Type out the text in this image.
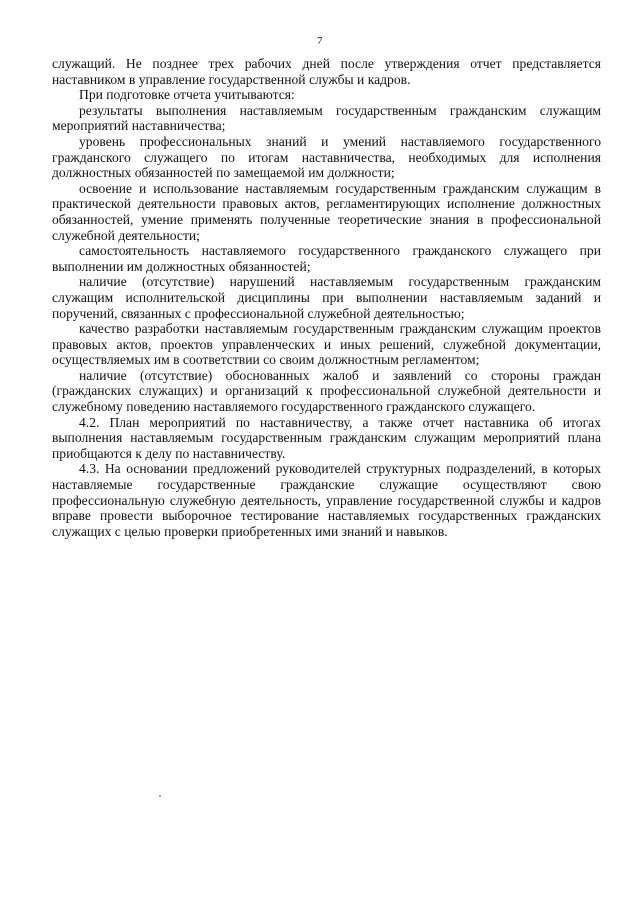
7

служащий. Не позднее трех рабочих дней после утверждения отчет представляется наставником в управление государственной службы и кадров.

При подготовке отчета учитываются:

результаты выполнения наставляемым государственным гражданским служащим мероприятий наставничества;

уровень профессиональных знаний и умений наставляемого государственного гражданского служащего по итогам наставничества, необходимых для исполнения должностных обязанностей по замещаемой им должности;

освоение и использование наставляемым государственным гражданским служащим в практической деятельности правовых актов, регламентирующих исполнение должностных обязанностей, умение применять полученные теоретические знания в профессиональной служебной деятельности;

самостоятельность наставляемого государственного гражданского служащего при выполнении им должностных обязанностей;

наличие (отсутствие) нарушений наставляемым государственным гражданским служащим исполнительской дисциплины при выполнении наставляемым заданий и поручений, связанных с профессиональной служебной деятельностью;

качество разработки наставляемым государственным гражданским служащим проектов правовых актов, проектов управленческих и иных решений, служебной документации, осуществляемых им в соответствии со своим должностным регламентом;

наличие (отсутствие) обоснованных жалоб и заявлений со стороны граждан (гражданских служащих) и организаций к профессиональной служебной деятельности и служебному поведению наставляемого государственного гражданского служащего.

4.2. План мероприятий по наставничеству, а также отчет наставника об итогах выполнения наставляемым государственным гражданским служащим мероприятий плана приобщаются к делу по наставничеству.

4.3. На основании предложений руководителей структурных подразделений, в которых наставляемые государственные гражданские служащие осуществляют свою профессиональную служебную деятельность, управление государственной службы и кадров вправе провести выборочное тестирование наставляемых государственных гражданских служащих с целью проверки приобретенных ими знаний и навыков.
